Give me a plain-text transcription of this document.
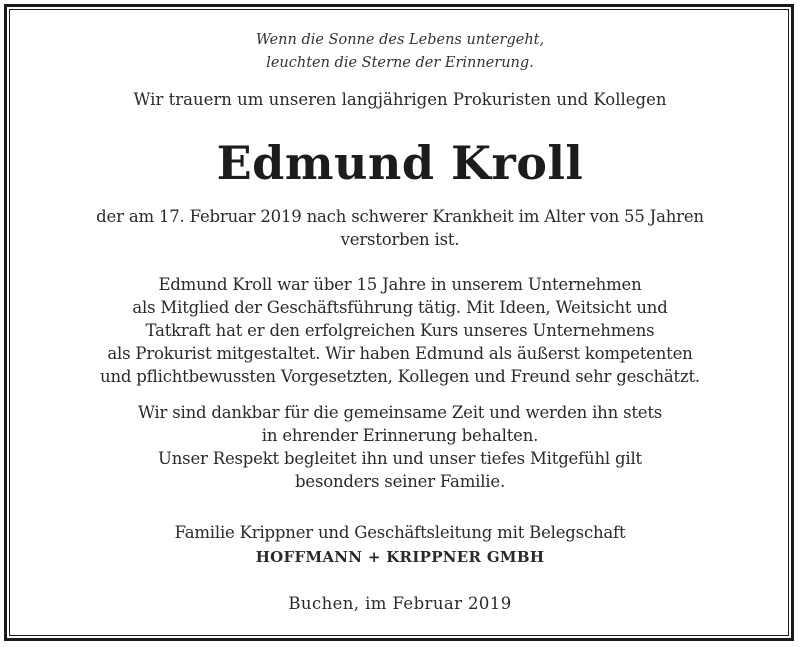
Wenn die Sonne des Lebens untergeht,
leuchten die Sterne der Erinnerung.
Wir trauern um unseren langjährigen Prokuristen und Kollegen
Edmund Kroll
der am 17. Februar 2019 nach schwerer Krankheit im Alter von 55 Jahren
verstorben ist.
Edmund Kroll war über 15 Jahre in unserem Unternehmen
als Mitglied der Geschäftsführung tätig. Mit Ideen, Weitsicht und
Tatkraft hat er den erfolgreichen Kurs unseres Unternehmens
als Prokurist mitgestaltet. Wir haben Edmund als äußerst kompetenten
und pflichtbewussten Vorgesetzten, Kollegen und Freund sehr geschätzt.
Wir sind dankbar für die gemeinsame Zeit und werden ihn stets
in ehrender Erinnerung behalten.
Unser Respekt begleitet ihn und unser tiefes Mitgefühl gilt
besonders seiner Familie.
Familie Krippner und Geschäftsleitung mit Belegschaft
HOFFMANN + KRIPPNER GMBH
Buchen, im Februar 2019
